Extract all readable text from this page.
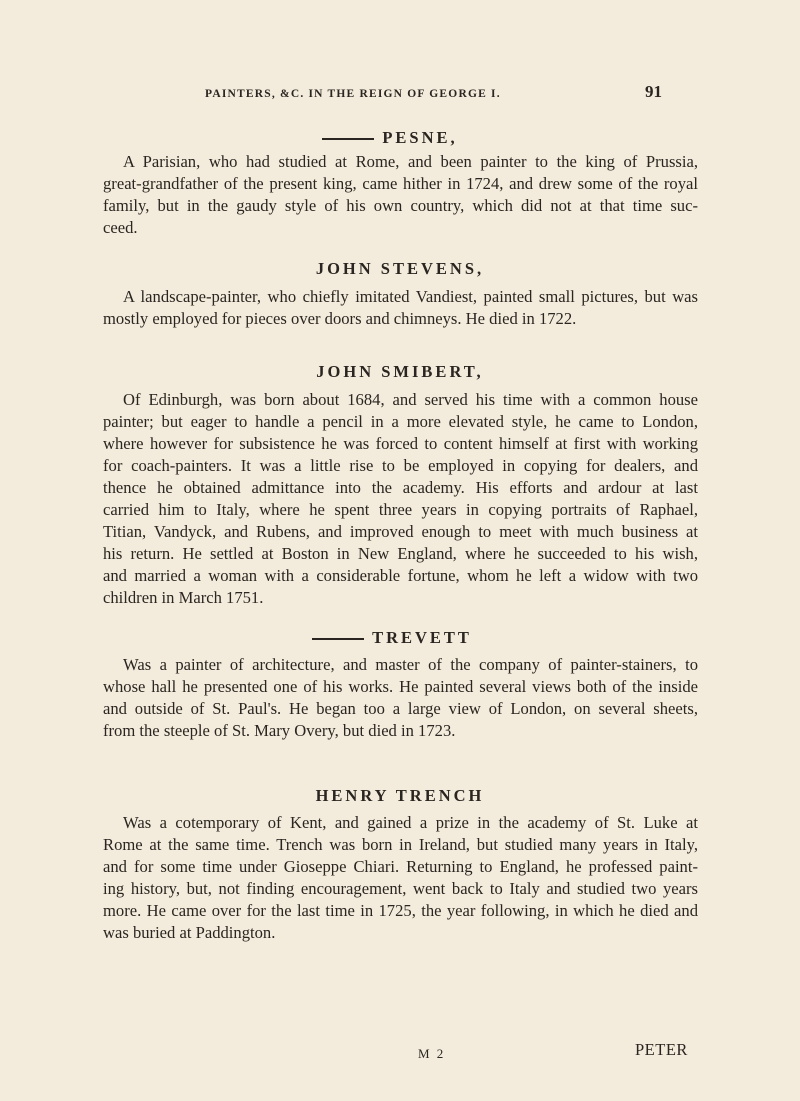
PAINTERS, &C. IN THE REIGN OF GEORGE I.	91
PESNE,
A Parisian, who had studied at Rome, and been painter to the king of Prussia,
great-grandfather of the present king, came hither in 1724, and drew some of the royal
family, but in the gaudy style of his own country, which did not at that time suc-
ceed.
JOHN STEVENS,
A landscape-painter, who chiefly imitated Vandiest, painted small pictures, but was
mostly employed for pieces over doors and chimneys. He died in 1722.
JOHN SMIBERT,
Of Edinburgh, was born about 1684, and served his time with a common house
painter; but eager to handle a pencil in a more elevated style, he came to London,
where however for subsistence he was forced to content himself at first with working
for coach-painters. It was a little rise to be employed in copying for dealers, and
thence he obtained admittance into the academy. His efforts and ardour at last
carried him to Italy, where he spent three years in copying portraits of Raphael,
Titian, Vandyck, and Rubens, and improved enough to meet with much business at
his return. He settled at Boston in New England, where he succeeded to his wish,
and married a woman with a considerable fortune, whom he left a widow with two
children in March 1751.
TREVETT
Was a painter of architecture, and master of the company of painter-stainers, to
whose hall he presented one of his works. He painted several views both of the inside
and outside of St. Paul's. He began too a large view of London, on several sheets,
from the steeple of St. Mary Overy, but died in 1723.
HENRY TRENCH
Was a cotemporary of Kent, and gained a prize in the academy of St. Luke at
Rome at the same time. Trench was born in Ireland, but studied many years in Italy,
and for some time under Gioseppe Chiari. Returning to England, he professed paint-
ing history, but, not finding encouragement, went back to Italy and studied two years
more. He came over for the last time in 1725, the year following, in which he died and
was buried at Paddington.
M 2	PETER
